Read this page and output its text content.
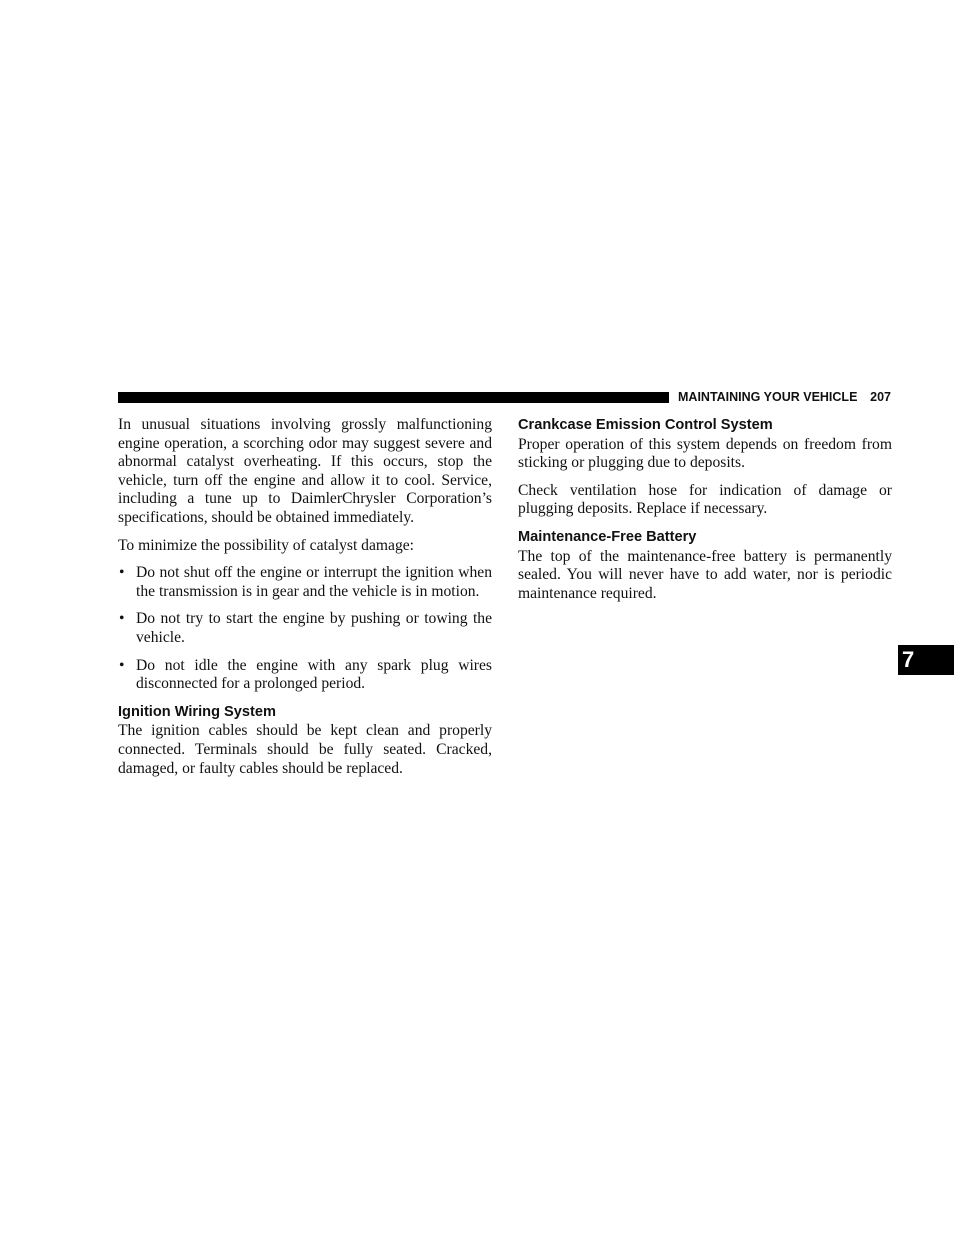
MAINTAINING YOUR VEHICLE 207

In unusual situations involving grossly malfunctioning engine operation, a scorching odor may suggest severe and abnormal catalyst overheating. If this occurs, stop the vehicle, turn off the engine and allow it to cool. Service, including a tune up to DaimlerChrysler Corporation’s specifications, should be obtained immediately.

To minimize the possibility of catalyst damage:

• Do not shut off the engine or interrupt the ignition when the transmission is in gear and the vehicle is in motion.
• Do not try to start the engine by pushing or towing the vehicle.
• Do not idle the engine with any spark plug wires disconnected for a prolonged period.
Ignition Wiring System

The ignition cables should be kept clean and properly connected. Terminals should be fully seated. Cracked, damaged, or faulty cables should be replaced.

Crankcase Emission Control System

Proper operation of this system depends on freedom from sticking or plugging due to deposits.

Check ventilation hose for indication of damage or plugging deposits. Replace if necessary.

Maintenance-Free Battery

The top of the maintenance-free battery is permanently sealed. You will never have to add water, nor is periodic maintenance required.

7
